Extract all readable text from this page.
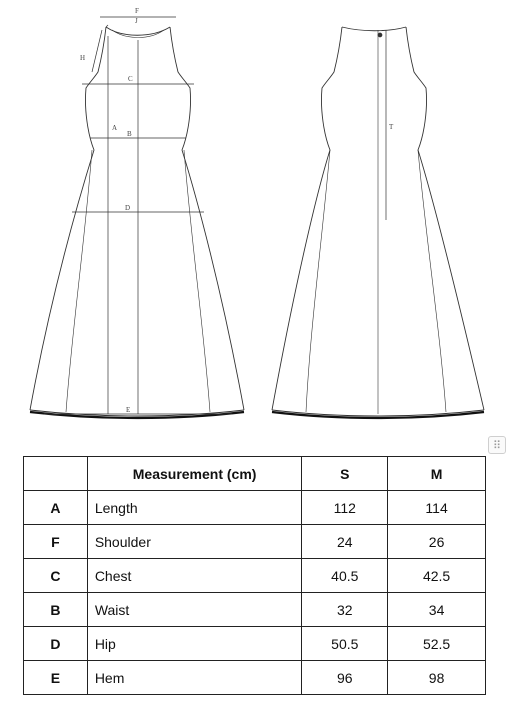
F
J
H
C
A
B
D
E
T
⠿
	Measurement (cm)	S	M
A	Length	112	114
F	Shoulder	24	26
C	Chest	40.5	42.5
B	Waist	32	34
D	Hip	50.5	52.5
E	Hem	96	98
